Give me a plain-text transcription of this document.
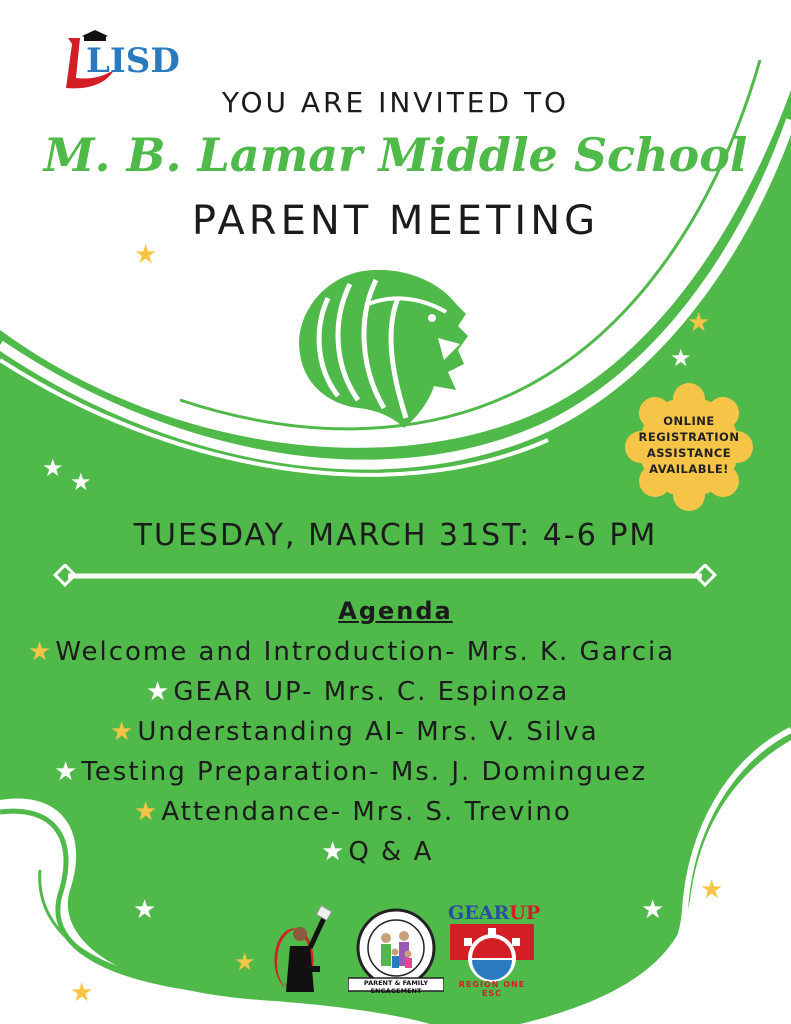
★
★
★
★ ★
★	★
★
★
★
LISD
YOU ARE INVITED TO
M. B. Lamar Middle School
PARENT MEETING
ONLINE
REGISTRATION
ASSISTANCE
AVAILABLE!
TUESDAY, MARCH 31ST: 4-6 PM
Agenda
★Welcome and Introduction- Mrs. K. Garcia
★GEAR UP- Mrs. C. Espinoza
★Understanding AI- Mrs. V. Silva
★Testing Preparation- Ms. J. Dominguez
★Attendance- Mrs. S. Trevino
★Q & A
PARENT & FAMILY ENGAGEMENT
GEARUP
REGION ONE ESC
